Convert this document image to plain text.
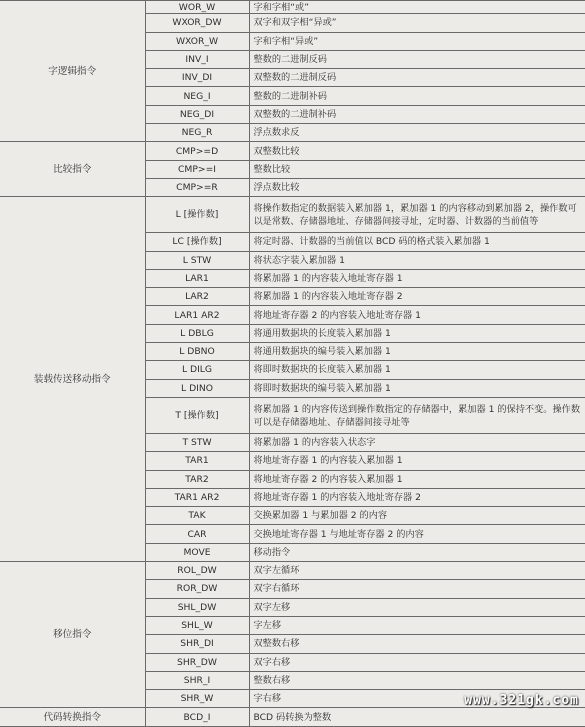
字逻辑指令	WOR_W	字和字相“或”
	WXOR_DW	双字和双字相“异或”
	WXOR_W	字和字相“异或”
	INV_I	整数的二进制反码
	INV_DI	双整数的二进制反码
	NEG_I	整数的二进制补码
	NEG_DI	双整数的二进制补码
	NEG_R	浮点数求反
比较指令	CMP>=D	双整数比较
	CMP>=I	整数比较
	CMP>=R	浮点数比较
装载传送移动指令	L [操作数]	将操作数指定的数据装入累加器 1，累加器 1 的内容移动到累加器 2，操作数可以是常数、存储器地址、存储器间接寻址，定时器、计数器的当前值等
	LC [操作数]	将定时器、计数器的当前值以 BCD 码的格式装入累加器 1
	L STW	将状态字装入累加器 1
	LAR1	将累加器 1 的内容装入地址寄存器 1
	LAR2	将累加器 1 的内容装入地址寄存器 2
	LAR1 AR2	将地址寄存器 2 的内容装入地址寄存器 1
	L DBLG	将通用数据块的长度装入累加器 1
	L DBNO	将通用数据块的编号装入累加器 1
	L DILG	将即时数据块的长度装入累加器 1
	L DINO	将即时数据块的编号装入累加器 1
	T [操作数]	将累加器 1 的内容传送到操作数指定的存储器中，累加器 1 的保持不变。操作数可以是存储器地址、存储器间接寻址等
	T STW	将累加器 1 的内容装入状态字
	TAR1	将地址寄存器 1 的内容装入累加器 1
	TAR2	将地址寄存器 2 的内容装入累加器 1
	TAR1 AR2	将地址寄存器 1 的内容装入地址寄存器 2
	TAK	交换累加器 1 与累加器 2 的内容
	CAR	交换地址寄存器 1 与地址寄存器 2 的内容
	MOVE	移动指令
移位指令	ROL_DW	双字左循环
	ROR_DW	双字右循环
	SHL_DW	双字左移
	SHL_W	字左移
	SHR_DI	双整数右移
	SHR_DW	双字右移
	SHR_I	整数右移
	SHR_W	字右移
代码转换指令	BCD_I	BCD 码转换为整数
www.321gk.com
